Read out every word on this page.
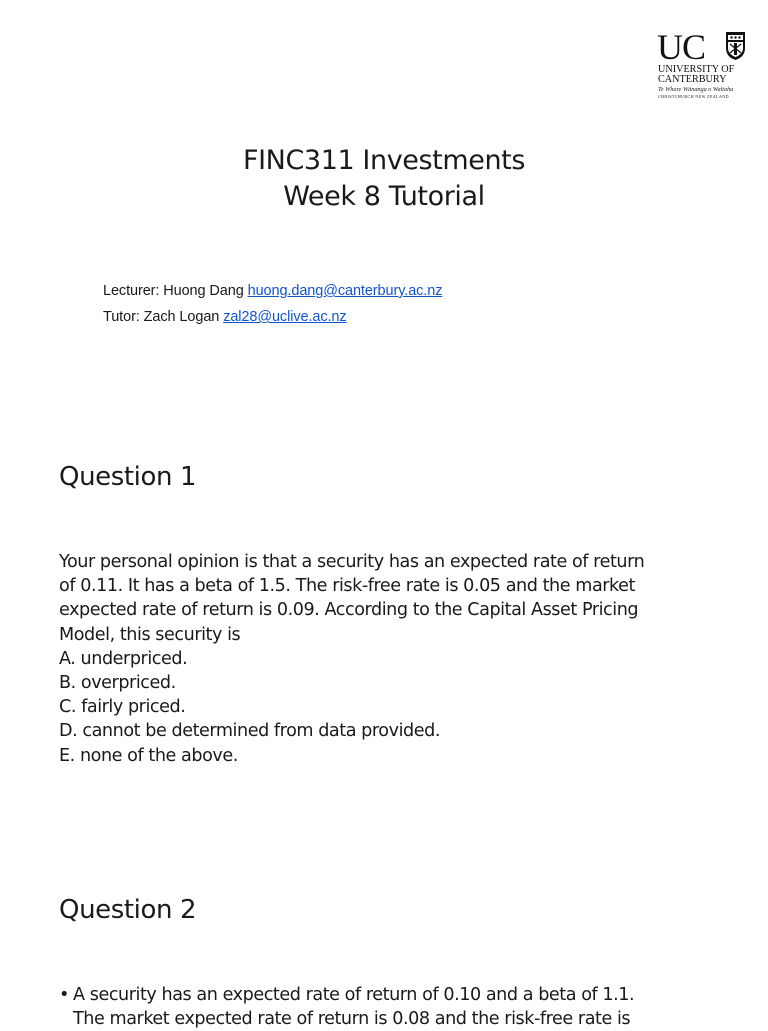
UC
UNIVERSITY OF
CANTERBURY
Te Whare Wānanga o Waitaha
CHRISTCHURCH NEW ZEALAND
FINC311 Investments
Week 8 Tutorial
Lecturer: Huong Dang huong.dang@canterbury.ac.nz
Tutor: Zach Logan zal28@uclive.ac.nz
Question 1
Your personal opinion is that a security has an expected rate of return
of 0.11. It has a beta of 1.5. The risk-free rate is 0.05 and the market
expected rate of return is 0.09. According to the Capital Asset Pricing
Model, this security is
A. underpriced.
B. overpriced.
C. fairly priced.
D. cannot be determined from data provided.
E. none of the above.
Question 2
• A security has an expected rate of return of 0.10 and a beta of 1.1.
The market expected rate of return is 0.08 and the risk-free rate is
